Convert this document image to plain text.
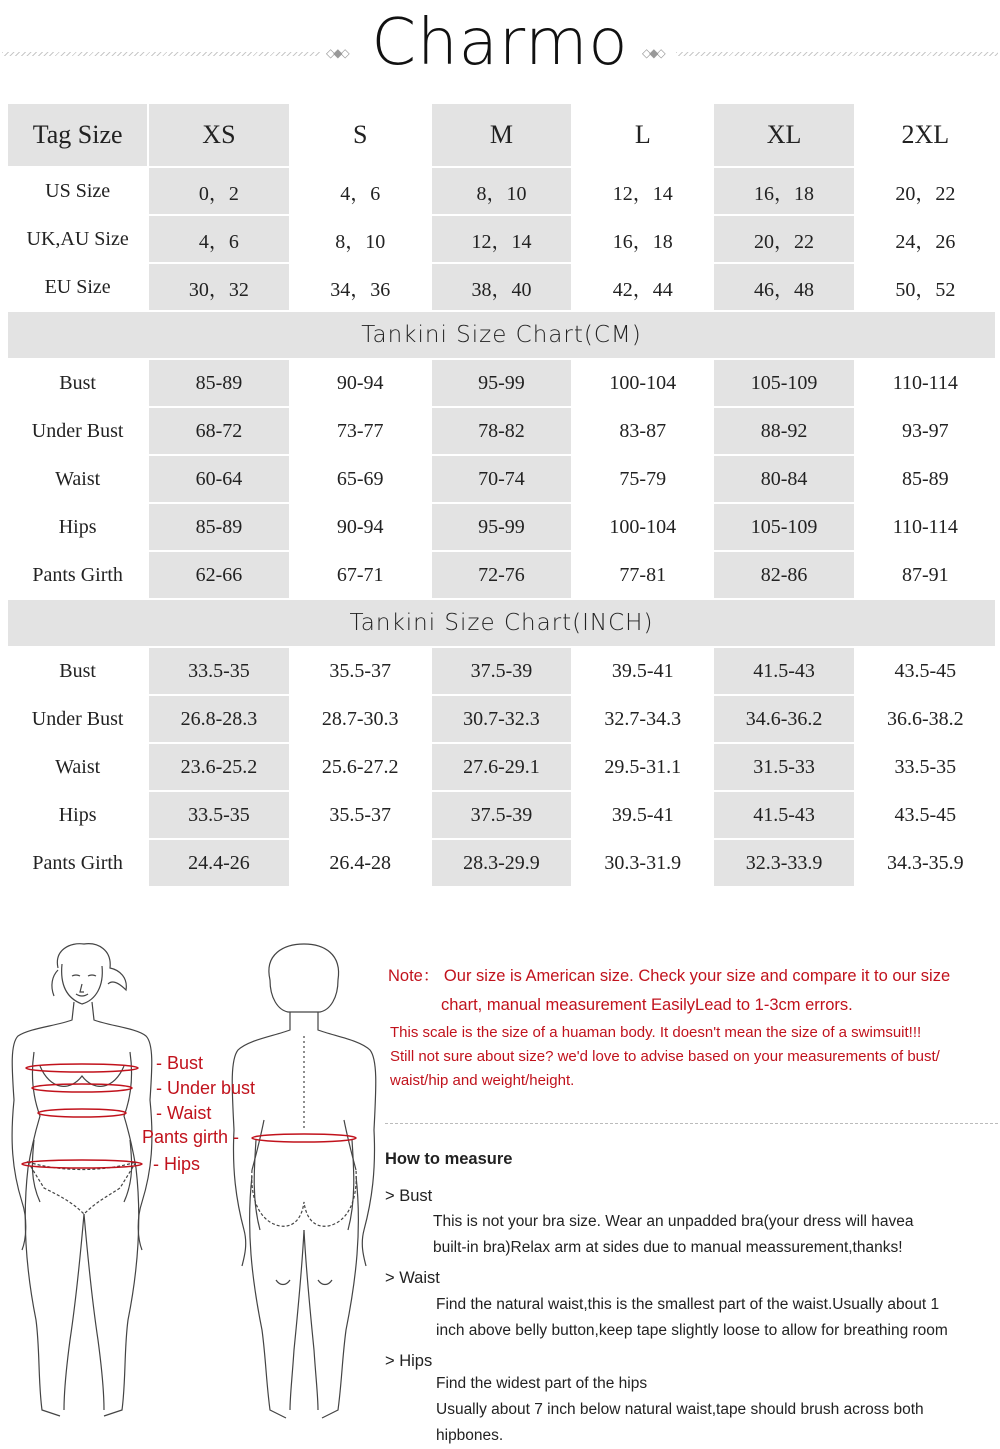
◇◆◇ Charmo	◇◆◇
Tag Size	XS	S	M	L	XL	2XL
US Size	0，2	4，6	8，10	12，14	16，18	20，22
UK,AU Size	4，6	8，10	12，14	16，18	20，22	24，26
EU Size	30，32	34，36	38，40	42，44	46，48	50，52
Tankini Size Chart(CM)						
Bust	85-89	90-94	95-99	100-104	105-109	110-114
Under Bust	68-72	73-77	78-82	83-87	88-92	93-97
Waist	60-64	65-69	70-74	75-79	80-84	85-89
Hips	85-89	90-94	95-99	100-104	105-109	110-114
Pants Girth	62-66	67-71	72-76	77-81	82-86	87-91
Tankini Size Chart(INCH)						
Bust	33.5-35	35.5-37	37.5-39	39.5-41	41.5-43	43.5-45
Under Bust	26.8-28.3	28.7-30.3	30.7-32.3	32.7-34.3	34.6-36.2	36.6-38.2
Waist	23.6-25.2	25.6-27.2	27.6-29.1	29.5-31.1	31.5-33	33.5-35
Hips	33.5-35	35.5-37	37.5-39	39.5-41	41.5-43	43.5-45
Pants Girth	24.4-26	26.4-28	28.3-29.9	30.3-31.9	32.3-33.9	34.3-35.9
- Bust
- Under bust
- Waist
Pants girth -
- Hips
Note： Our size is American size. Check your size and compare it to our size
chart, manual measurement EasilyLead to 1-3cm errors.
This scale is the size of a huaman body. It doesn't mean the size of a swimsuit!!!
Still not sure about size? we'd love to advise based on your measurements of bust/
waist/hip and weight/height.
How to measure
> Bust
This is not your bra size. Wear an unpadded bra(your dress will havea
built-in bra)Relax arm at sides due to manual meassurement,thanks!
> Waist
Find the natural waist,this is the smallest part of the waist.Usually about 1
inch above belly button,keep tape slightly loose to allow for breathing room
> Hips
Find the widest part of the hips
Usually about 7 inch below natural waist,tape should brush across both
hipbones.
